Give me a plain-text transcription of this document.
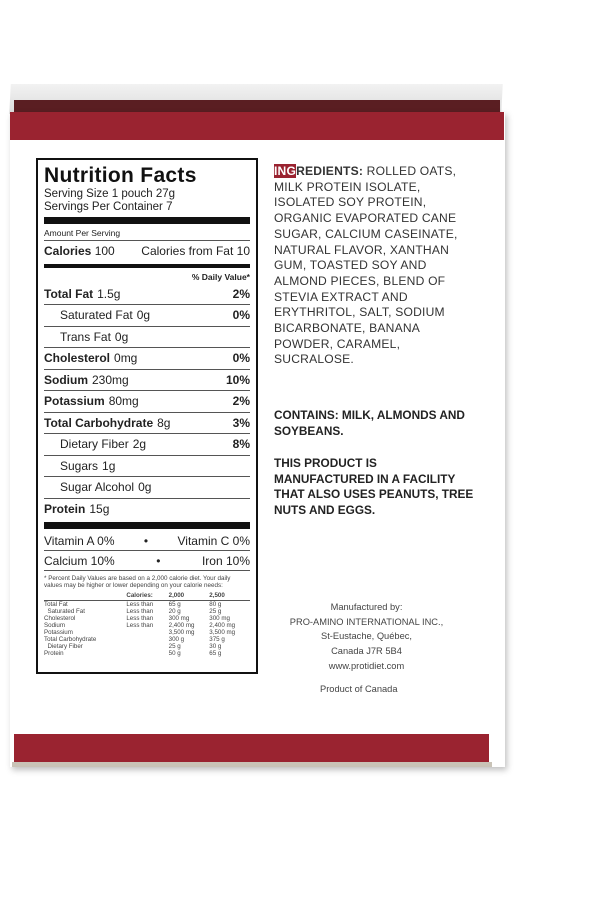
Nutrition Facts
Serving Size 1 pouch 27g
Servings Per Container 7
Amount Per Serving
Calories 100 Calories from Fat 10
% Daily Value*
Total Fat 1.5g	2%
Saturated Fat 0g	0%
Trans Fat 0g
Cholesterol 0mg	0%
Sodium 230mg	10%
Potassium 80mg	2%
Total Carbohydrate 8g	3%
Dietary Fiber 2g	8%
Sugars 1g
Sugar Alcohol 0g
Protein 15g
Vitamin A 0% • Vitamin C 0%
Calcium 10%	•	Iron 10%
* Percent Daily Values are based on a 2,000 calorie diet. Your daily values may be higher or lower depending on your calorie needs:
	Calories:	2,000	2,500
Total Fat	Less than	65 g	80 g
Saturated Fat	Less than	20 g	25 g
Cholesterol	Less than	300 mg	300 mg
Sodium	Less than	2,400 mg	2,400 mg
Potassium		3,500 mg	3,500 mg
Total Carbohydrate		300 g	375 g
Dietary Fiber		25 g	30 g
Protein		50 g	65 g
INGREDIENTS: ROLLED OATS, MILK PROTEIN ISOLATE, ISOLATED SOY PROTEIN, ORGANIC EVAPORATED CANE SUGAR, CALCIUM CASEINATE, NATURAL FLAVOR, XANTHAN GUM, TOASTED SOY AND ALMOND PIECES, BLEND OF STEVIA EXTRACT AND ERYTHRITOL, SALT, SODIUM BICARBONATE, BANANA POWDER, CARAMEL, SUCRALOSE.
CONTAINS: MILK, ALMONDS AND SOYBEANS.
THIS PRODUCT IS MANUFACTURED IN A FACILITY THAT ALSO USES PEANUTS, TREE NUTS AND EGGS.
Manufactured by:
PRO-AMINO INTERNATIONAL INC.,
St-Eustache, Québec,
Canada J7R 5B4
www.protidiet.com
Product of Canada
